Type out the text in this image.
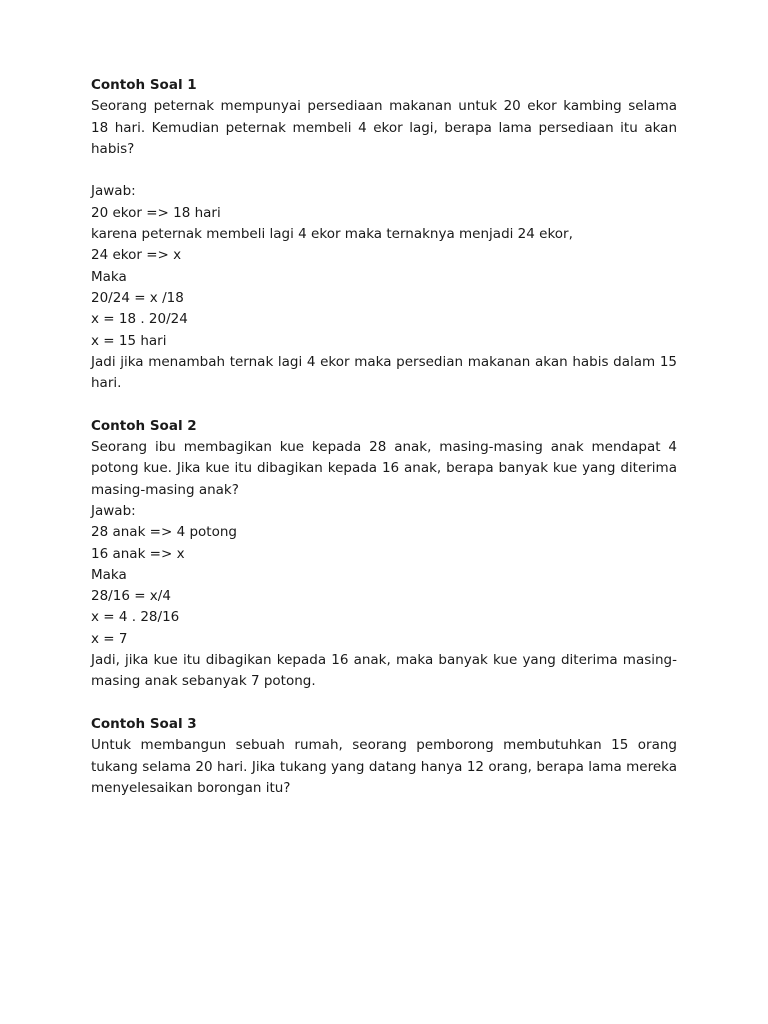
Contoh Soal 1

Seorang peternak mempunyai persediaan makanan untuk 20 ekor kambing selama 18 hari. Kemudian peternak membeli 4 ekor lagi, berapa lama persediaan itu akan habis?

Jawab:

20 ekor => 18 hari

karena peternak membeli lagi 4 ekor maka ternaknya menjadi 24 ekor,

24 ekor => x

Maka

20/24 = x /18

x = 18 . 20/24

x = 15 hari

Jadi jika menambah ternak lagi 4 ekor maka persedian makanan akan habis dalam 15 hari.

Contoh Soal 2

Seorang ibu membagikan kue kepada 28 anak, masing-masing anak mendapat 4 potong kue. Jika kue itu dibagikan kepada 16 anak, berapa banyak kue yang diterima masing-masing anak?

Jawab:

28 anak => 4 potong

16 anak => x

Maka

28/16 = x/4

x = 4 . 28/16

x = 7

Jadi, jika kue itu dibagikan kepada 16 anak, maka banyak kue yang diterima masing-masing anak sebanyak 7 potong.

Contoh Soal 3

Untuk membangun sebuah rumah, seorang pemborong membutuhkan 15 orang tukang selama 20 hari. Jika tukang yang datang hanya 12 orang, berapa lama mereka menyelesaikan borongan itu?
